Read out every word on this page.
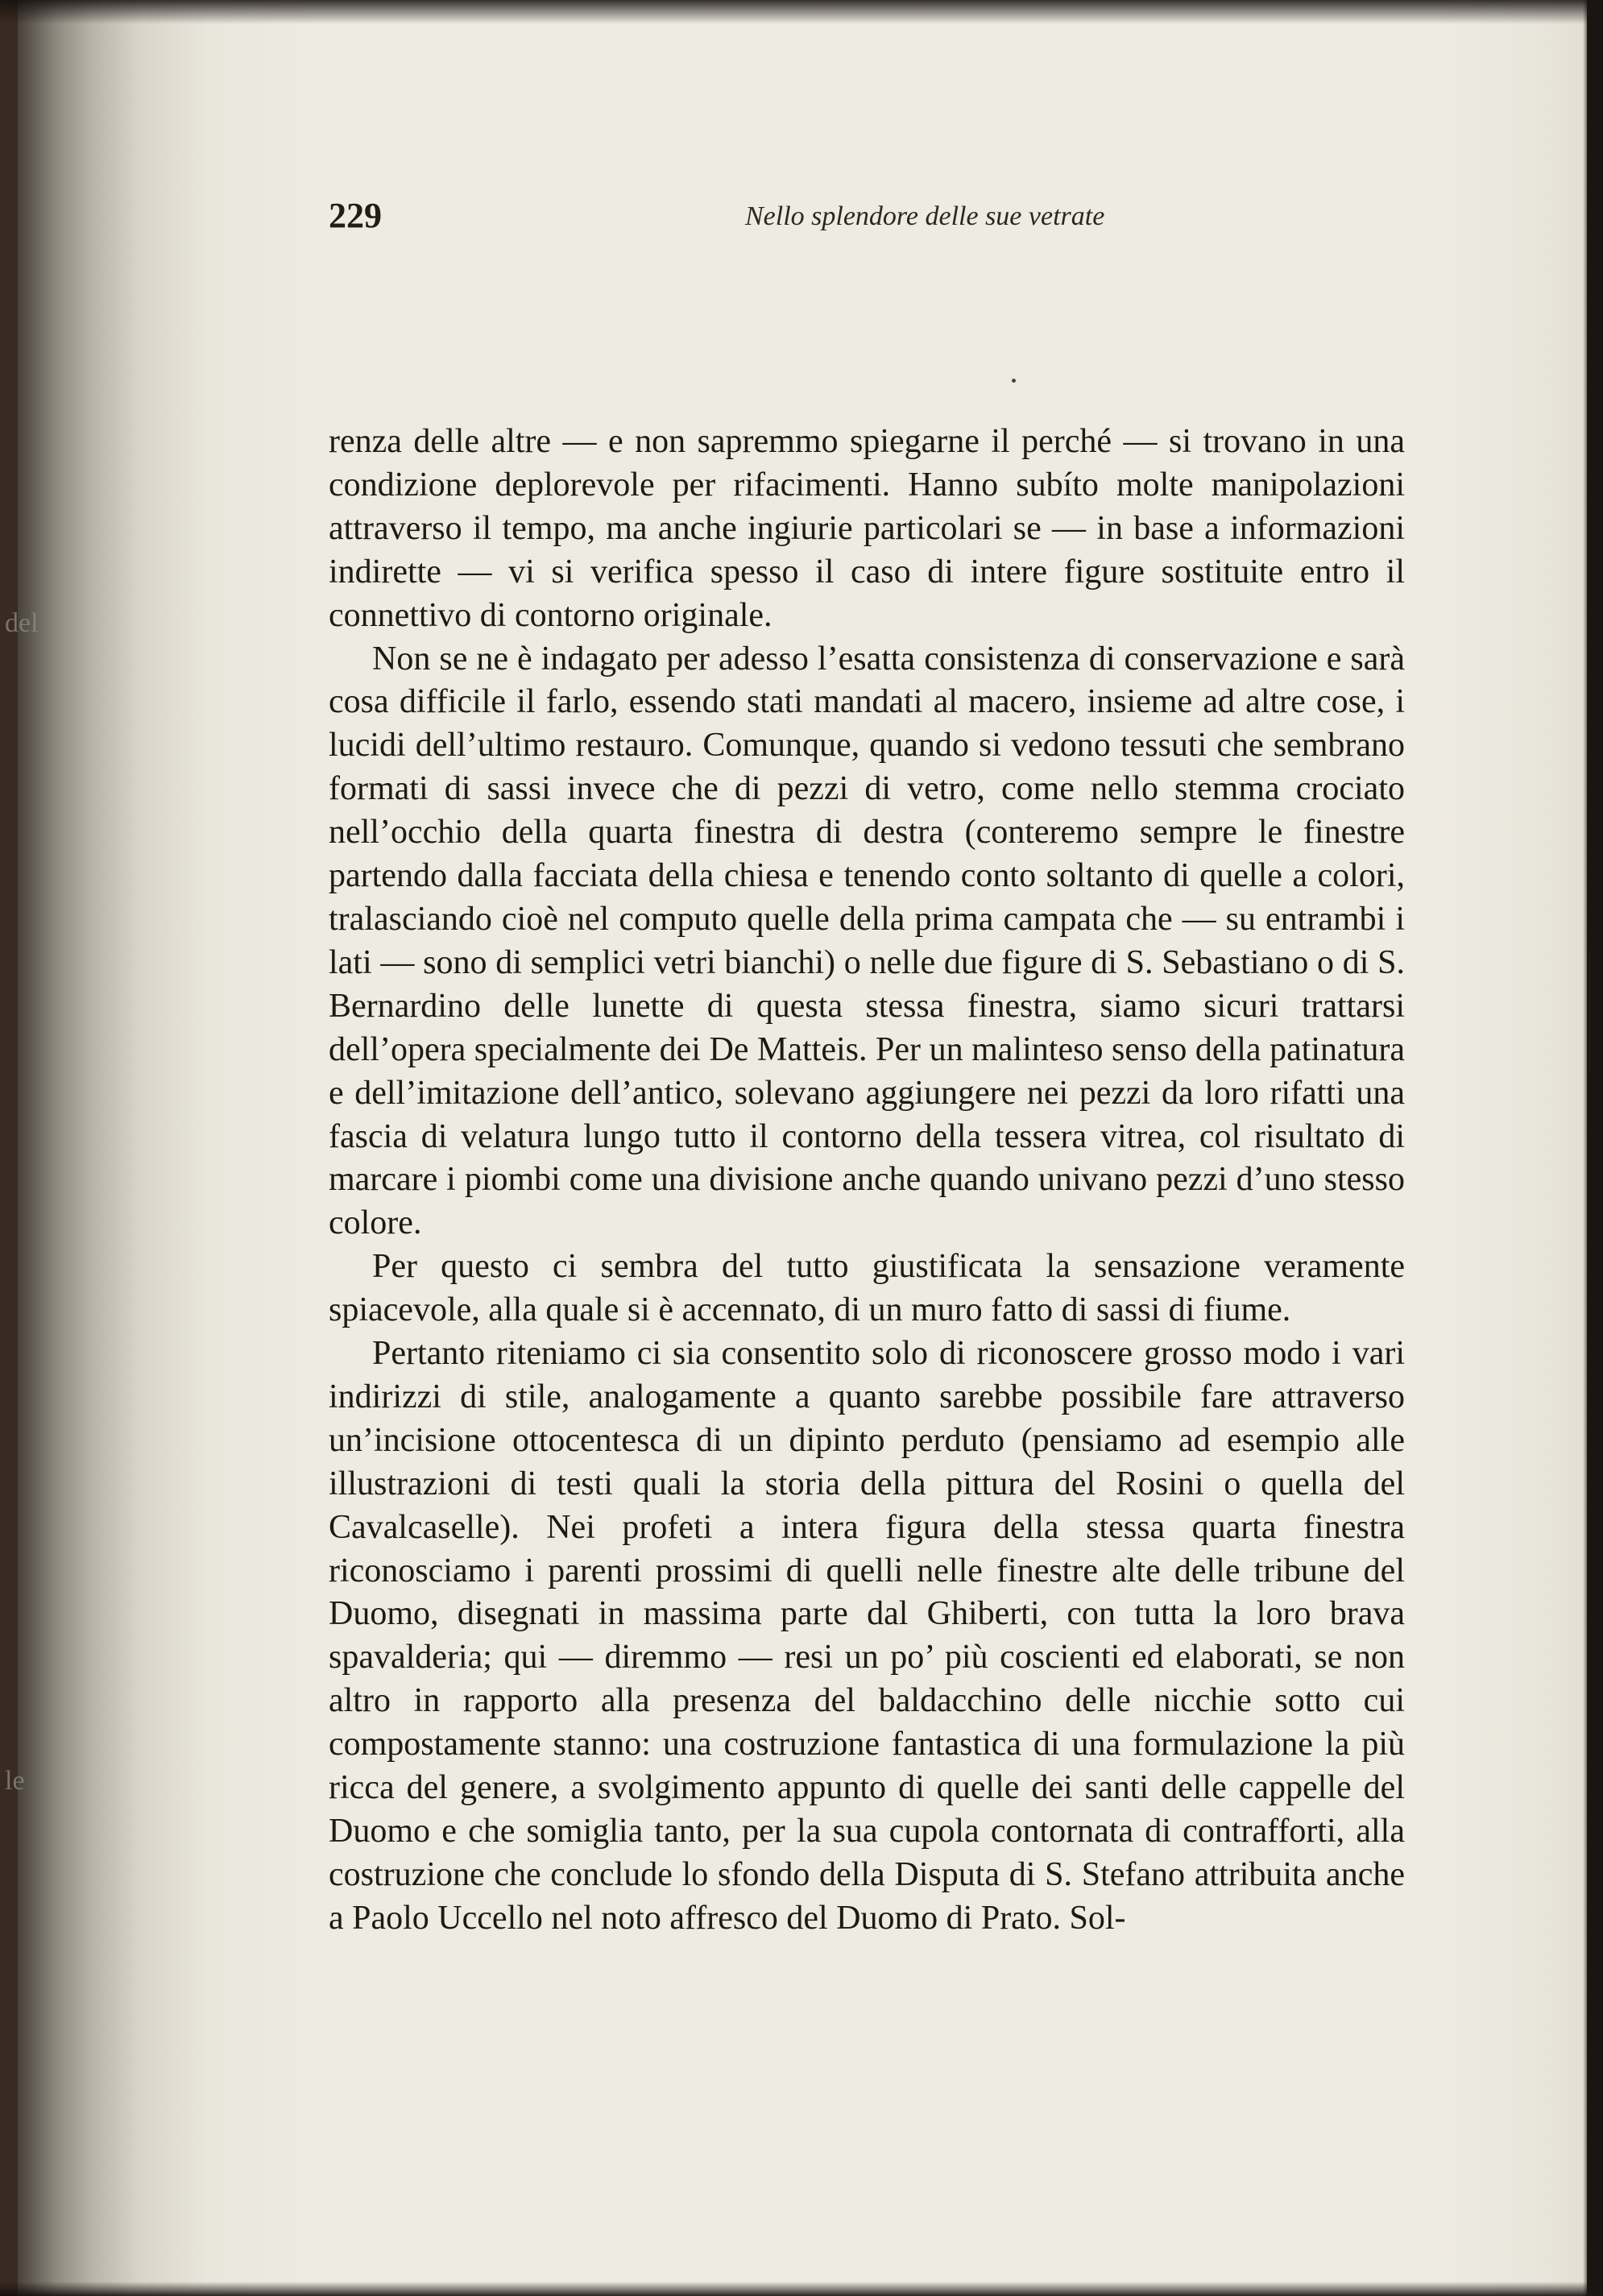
del
le
229	Nello splendore delle sue vetrate

renza delle altre — e non sapremmo spiegarne il perché — si trovano in una condizione deplorevole per rifacimenti. Hanno subíto molte manipolazioni attraverso il tempo, ma anche ingiurie particolari se — in base a informazioni indirette — vi si verifica spesso il caso di intere figure sostituite entro il connettivo di contorno originale.

Non se ne è indagato per adesso l’esatta consistenza di conservazione e sarà cosa difficile il farlo, essendo stati mandati al macero, insieme ad altre cose, i lucidi dell’ultimo restauro. Comunque, quando si vedono tessuti che sembrano formati di sassi invece che di pezzi di vetro, come nello stemma crociato nell’occhio della quarta finestra di destra (conteremo sempre le finestre partendo dalla facciata della chiesa e tenendo conto soltanto di quelle a colori, tralasciando cioè nel computo quelle della prima campata che — su entrambi i lati — sono di semplici vetri bianchi) o nelle due figure di S. Sebastiano o di S. Bernardino delle lunette di questa stessa finestra, siamo sicuri trattarsi dell’opera specialmente dei De Matteis. Per un malinteso senso della patinatura e dell’imitazione dell’antico, solevano aggiungere nei pezzi da loro rifatti una fascia di velatura lungo tutto il contorno della tessera vitrea, col risultato di marcare i piombi come una divisione anche quando univano pezzi d’uno stesso colore.

Per questo ci sembra del tutto giustificata la sensazione veramente spiacevole, alla quale si è accennato, di un muro fatto di sassi di fiume.

Pertanto riteniamo ci sia consentito solo di riconoscere grosso modo i vari indirizzi di stile, analogamente a quanto sarebbe possibile fare attraverso un’incisione ottocentesca di un dipinto perduto (pensiamo ad esempio alle illustrazioni di testi quali la storia della pittura del Rosini o quella del Cavalcaselle). Nei profeti a intera figura della stessa quarta finestra riconosciamo i parenti prossimi di quelli nelle finestre alte delle tribune del Duomo, disegnati in massima parte dal Ghiberti, con tutta la loro brava spavalderia; qui — diremmo — resi un po’ più coscienti ed elaborati, se non altro in rapporto alla presenza del baldacchino delle nicchie sotto cui compostamente stanno: una costruzione fantastica di una formulazione la più ricca del genere, a svolgimento appunto di quelle dei santi delle cappelle del Duomo e che somiglia tanto, per la sua cupola contornata di contrafforti, alla costruzione che conclude lo sfondo della Disputa di S. Stefano attribuita anche a Paolo Uccello nel noto affresco del Duomo di Prato. Sol-
